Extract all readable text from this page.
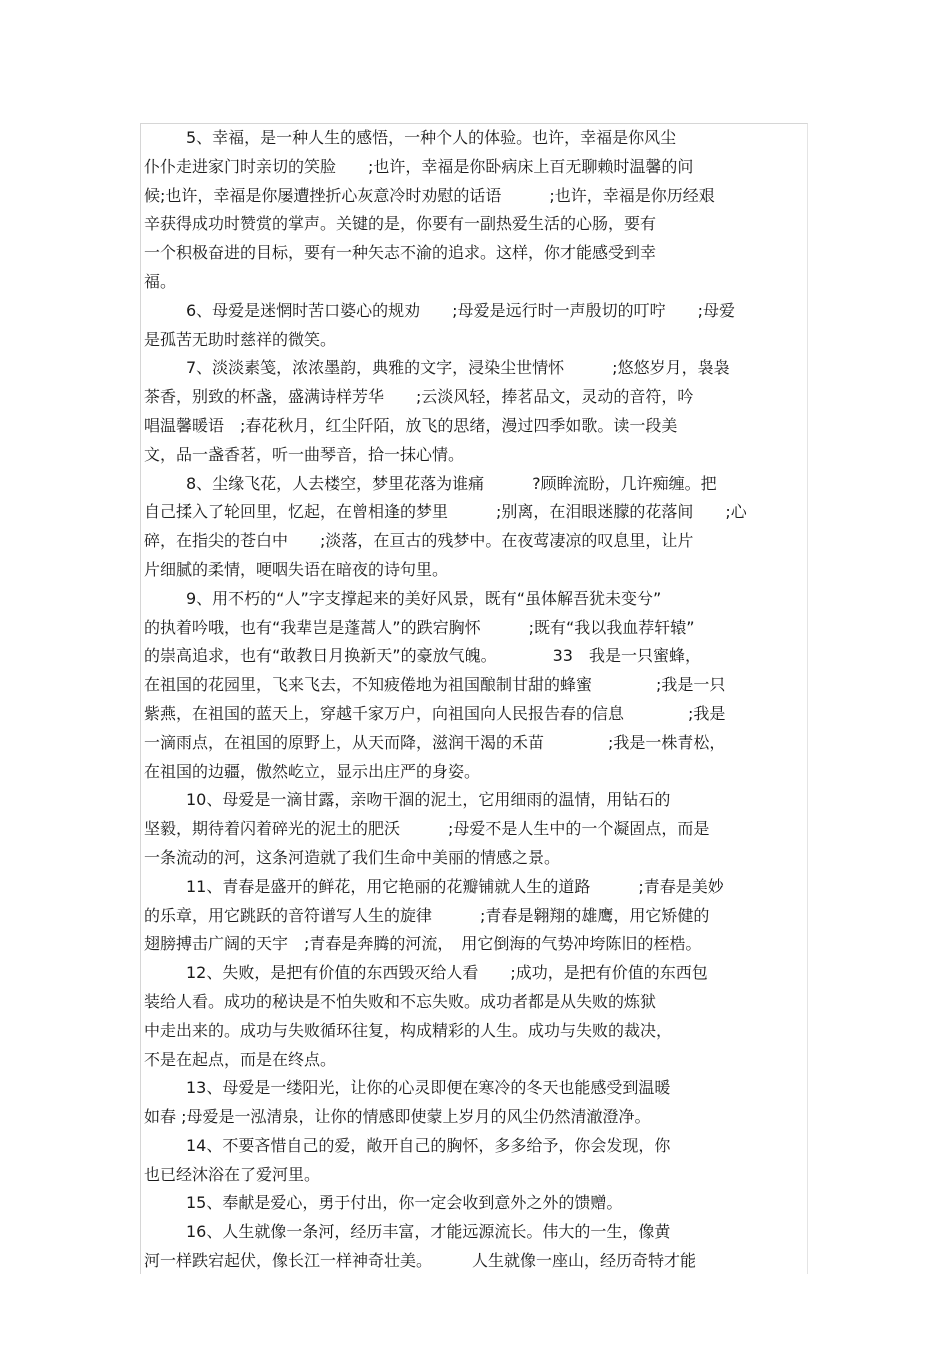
5、幸福，是一种人生的感悟，一种个人的体验。也许，幸福是你风尘
仆仆走进家门时亲切的笑脸　　;也许，幸福是你卧病床上百无聊赖时温馨的问
候;也许，幸福是你屡遭挫折心灰意冷时劝慰的话语　　　;也许，幸福是你历经艰
辛获得成功时赞赏的掌声。关键的是，你要有一副热爱生活的心肠，要有
一个积极奋进的目标，要有一种矢志不渝的追求。这样，你才能感受到幸
福。
6、母爱是迷惘时苦口婆心的规劝　　;母爱是远行时一声殷切的叮咛　　;母爱
是孤苦无助时慈祥的微笑。
7、淡淡素笺，浓浓墨韵，典雅的文字，浸染尘世情怀　　　;悠悠岁月，袅袅
茶香，别致的杯盏，盛满诗样芳华　　;云淡风轻，捧茗品文，灵动的音符，吟
唱温馨暖语　;春花秋月，红尘阡陌，放飞的思绪，漫过四季如歌。读一段美
文，品一盏香茗，听一曲琴音，拾一抹心情。
8、尘缘飞花，人去楼空，梦里花落为谁痛　　　?顾眸流盼，几许痴缠。把
自己揉入了轮回里，忆起，在曾相逢的梦里　　　;别离，在泪眼迷朦的花落间　　;心
碎，在指尖的苍白中　　;淡落，在亘古的残梦中。在夜莺凄凉的叹息里，让片
片细腻的柔情，哽咽失语在暗夜的诗句里。
9、用不朽的“人”字支撑起来的美好风景，既有“虽体解吾犹未变兮”
的执着吟哦，也有“我辈岂是蓬蒿人”的跌宕胸怀　　　;既有“我以我血荐轩辕”
的崇高追求，也有“敢教日月换新天”的豪放气魄。　　　　33　我是一只蜜蜂，
在祖国的花园里，飞来飞去，不知疲倦地为祖国酿制甘甜的蜂蜜　　　　;我是一只
紫燕，在祖国的蓝天上，穿越千家万户，向祖国向人民报告春的信息　　　　;我是
一滴雨点，在祖国的原野上，从天而降，滋润干渴的禾苗　　　　;我是一株青松，
在祖国的边疆，傲然屹立，显示出庄严的身姿。
10、母爱是一滴甘露，亲吻干涸的泥土，它用细雨的温情，用钻石的
坚毅，期待着闪着碎光的泥土的肥沃　　　;母爱不是人生中的一个凝固点，而是
一条流动的河，这条河造就了我们生命中美丽的情感之景。
11、青春是盛开的鲜花，用它艳丽的花瓣铺就人生的道路　　　;青春是美妙
的乐章，用它跳跃的音符谱写人生的旋律　　　;青春是翱翔的雄鹰，用它矫健的
翅膀搏击广阔的天宇　;青春是奔腾的河流，　用它倒海的气势冲垮陈旧的桎梏。
12、失败，是把有价值的东西毁灭给人看　　;成功，是把有价值的东西包
装给人看。成功的秘诀是不怕失败和不忘失败。成功者都是从失败的炼狱
中走出来的。成功与失败循环往复，构成精彩的人生。成功与失败的裁决，
不是在起点，而是在终点。
13、母爱是一缕阳光，让你的心灵即便在寒冷的冬天也能感受到温暖
如春 ;母爱是一泓清泉，让你的情感即使蒙上岁月的风尘仍然清澈澄净。
14、不要吝惜自己的爱，敞开自己的胸怀，多多给予，你会发现，你
也已经沐浴在了爱河里。
15、奉献是爱心，勇于付出，你一定会收到意外之外的馈赠。
16、人生就像一条河，经历丰富，才能远源流长。伟大的一生，像黄
河一样跌宕起伏，像长江一样神奇壮美。　　　人生就像一座山，经历奇特才能
